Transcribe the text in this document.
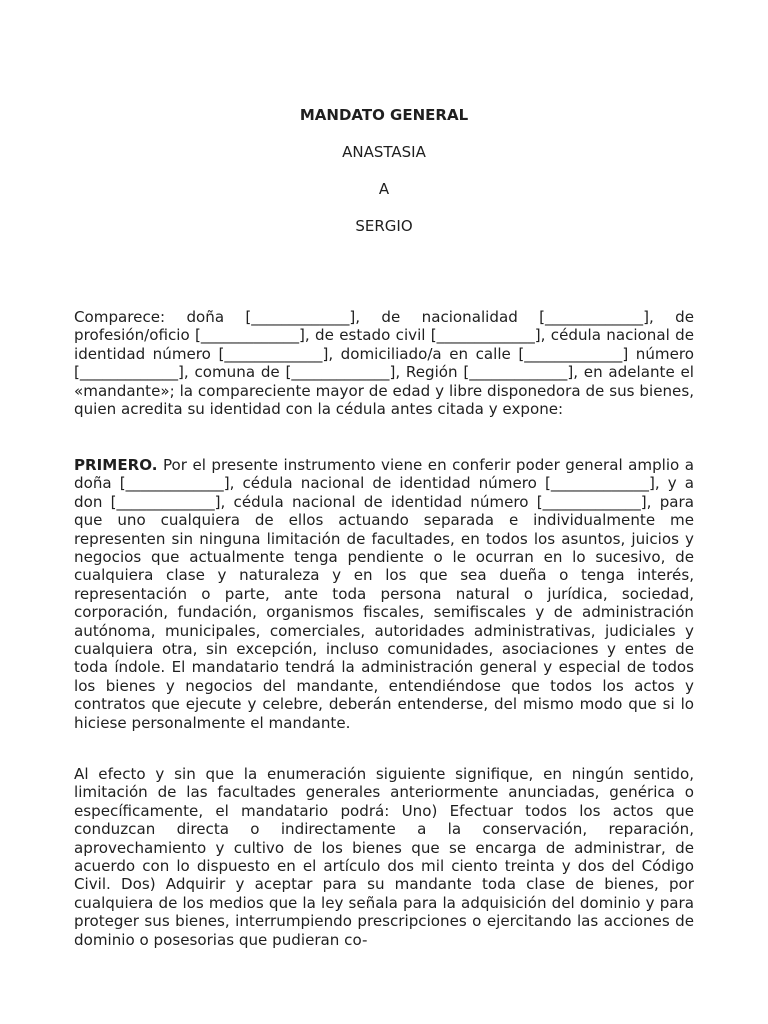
MANDATO GENERAL

ANASTASIA

A

SERGIO

Comparece: doña [_____________], de nacionalidad [_____________], de profesión/oficio [_____________], de estado civil [_____________], cédula nacional de identidad número [_____________], domiciliado/a en calle [_____________] número [_____________], comuna de [_____________], Región [_____________], en adelante el «mandante»; la compareciente mayor de edad y libre disponedora de sus bienes, quien acredita su identidad con la cédula antes citada y expone:

PRIMERO. Por el presente instrumento viene en conferir poder general amplio a doña [_____________], cédula nacional de identidad número [_____________], y a don [_____________], cédula nacional de identidad número [_____________], para que uno cualquiera de ellos actuando separada e individualmente me representen sin ninguna limitación de facultades, en todos los asuntos, juicios y negocios que actualmente tenga pendiente o le ocurran en lo sucesivo, de cualquiera clase y naturaleza y en los que sea dueña o tenga interés, representación o parte, ante toda persona natural o jurídica, sociedad, corporación, fundación, organismos fiscales, semifiscales y de administración autónoma, municipales, comerciales, autoridades administrativas, judiciales y cualquiera otra, sin excepción, incluso comunidades, asociaciones y entes de toda índole. El mandatario tendrá la administración general y especial de todos los bienes y negocios del mandante, entendiéndose que todos los actos y contratos que ejecute y celebre, deberán entenderse, del mismo modo que si lo hiciese personalmente el mandante.

Al efecto y sin que la enumeración siguiente signifique, en ningún sentido, limitación de las facultades generales anteriormente anunciadas, genérica o específicamente, el mandatario podrá: Uno) Efectuar todos los actos que conduzcan directa o indirectamente a la conservación, reparación, aprovechamiento y cultivo de los bienes que se encarga de administrar, de acuerdo con lo dispuesto en el artículo dos mil ciento treinta y dos del Código Civil. Dos) Adquirir y aceptar para su mandante toda clase de bienes, por cualquiera de los medios que la ley señala para la adquisición del dominio y para proteger sus bienes, interrumpiendo prescripciones o ejercitando las acciones de dominio o posesorias que pudieran co-
